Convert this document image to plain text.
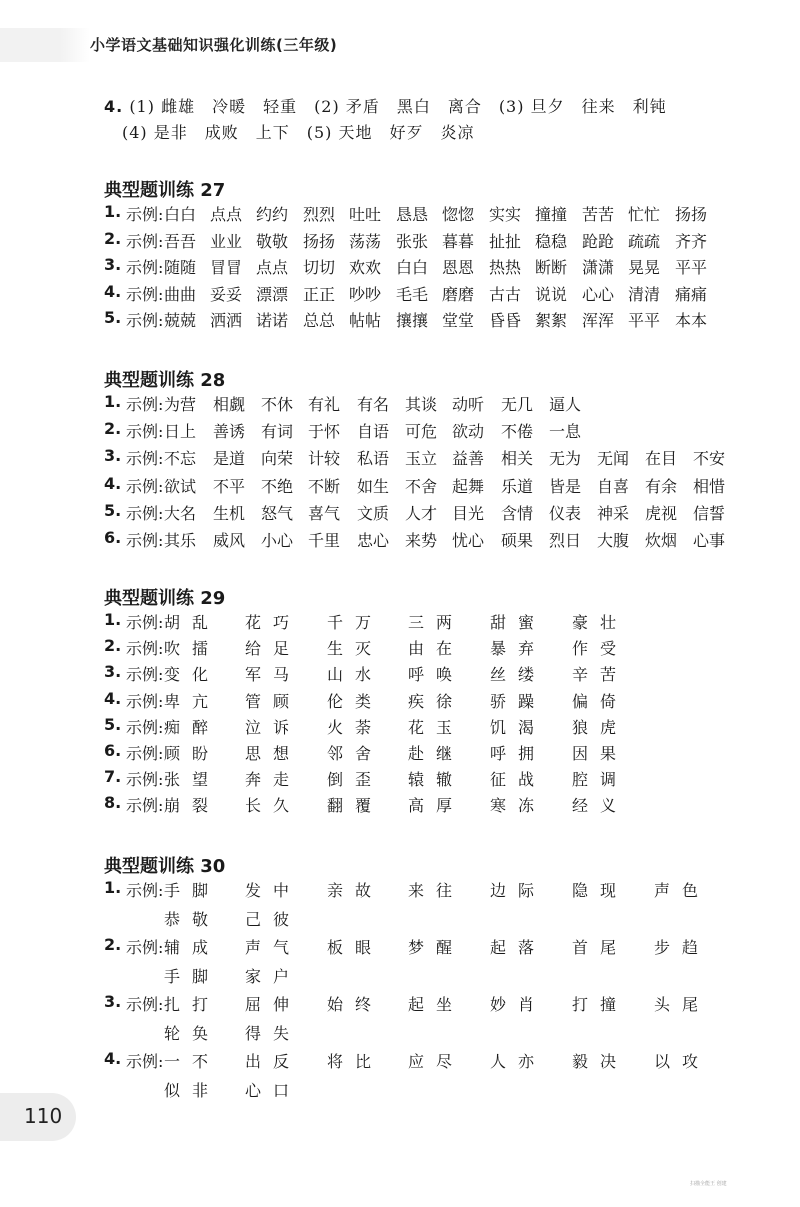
小学语文基础知识强化训练(三年级)
4. (1) 雌雄　冷暖　轻重　(2) 矛盾　黑白　离合　(3) 旦夕　往来　利钝
(4) 是非　成败　上下　(5) 天地　好歹　炎凉
典型题训练 27
1. 示例: 白白 点点 约约 烈烈 吐吐 恳恳 惚惚 实实 撞撞 苦苦 忙忙 扬扬
2. 示例: 吾吾 业业 敬敬 扬扬 荡荡 张张 暮暮 扯扯 稳稳 跄跄 疏疏 齐齐
3. 示例: 随随 冒冒 点点 切切 欢欢 白白 恩恩 热热 断断 潇潇 晃晃 平平
4. 示例: 曲曲 妥妥 漂漂 正正 吵吵 毛毛 磨磨 古古 说说 心心 清清 痛痛
5. 示例: 兢兢 洒洒 诺诺 总总 帖帖 攘攘 堂堂 昏昏 絮絮 浑浑 平平 本本
典型题训练 28
1. 示例: 为营 相觑 不休 有礼 有名 其谈 动听 无几 逼人
2. 示例: 日上 善诱 有词 于怀 自语 可危 欲动 不倦 一息
3. 示例: 不忘 是道 向荣 计较 私语 玉立 益善 相关 无为 无闻 在目 不安
4. 示例: 欲试 不平 不绝 不断 如生 不舍 起舞 乐道 皆是 自喜 有余 相惜
5. 示例: 大名 生机 怒气 喜气 文质 人才 目光 含情 仪表 神采 虎视 信誓
6. 示例: 其乐 威风 小心 千里 忠心 来势 忧心 硕果 烈日 大腹 炊烟 心事
典型题训练 29
1. 示例: 胡乱 花巧 千万 三两 甜蜜 豪壮
2. 示例: 吹擂 给足 生灭 由在 暴弃 作受
3. 示例: 变化 军马 山水 呼唤 丝缕 辛苦
4. 示例: 卑亢 管顾 伦类 疾徐 骄躁 偏倚
5. 示例: 痴醉 泣诉 火荼 花玉 饥渴 狼虎
6. 示例: 顾盼 思想 邻舍 赴继 呼拥 因果
7. 示例: 张望 奔走 倒歪 辕辙 征战 腔调
8. 示例: 崩裂 长久 翻覆 高厚 寒冻 经义
典型题训练 30
1. 示例: 手脚 发中 亲故 来往 边际 隐现 声色
恭敬 己彼
2. 示例: 辅成 声气 板眼 梦醒 起落 首尾 步趋
手脚 家户
3. 示例: 扎打 屈伸 始终 起坐 妙肖 打撞 头尾
轮奂 得失
4. 示例: 一不 出反 将比 应尽 人亦 毅决 以攻
似非 心口
110
扫描全能王 创建
